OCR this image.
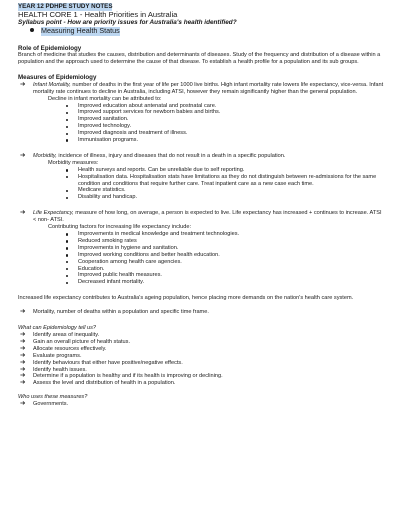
YEAR 12 PDHPE STUDY NOTES
HEALTH CORE 1 - Health Priorities in Australia
Syllabus point - How are priority issues for Australia's health identified?
Measuring Health Status
Role of Epidemiology
Branch of medicine that studies the causes, distribution and determinants of diseases. Study of the frequency and distribution of a disease within a population and the approach used to determine the cause of that disease. To establish a health profile for a population and its sub groups.
Measures of Epidemiology
➔ Infant Mortality, number of deaths in the first year of life per 1000 live births. High infant mortality rate lowers life expectancy, vice-versa. Infant mortality rate continues to decline in Australia, including ATSI, however they remain significantly higher than the general population.
Decline in infant mortality can be attributed to:
Improved education about antenatal and postnatal care.
Improved support services for newborn babies and births.
Improved sanitation.
Improved technology.
Improved diagnosis and treatment of illness.
Immunisation programs.
➔ Morbidity, incidence of illness, injury and diseases that do not result in a death in a specific population.
Morbidity measures:
Health surveys and reports. Can be unreliable due to self reporting.
Hospitalisation data. Hospitalisation stats have limitations as they do not distinguish between re-admissions for the same condition and conditions that require further care. Treat inpatient care as a new case each time.
Medicare statistics.
Disability and handicap.
➔ Life Expectancy, measure of how long, on average, a person is expected to live. Life expectancy has increased + continues to increase. ATSI < non- ATSI.
Contributing factors for increasing life expectancy include:
Improvements in medical knowledge and treatment technologies.
Reduced smoking rates
Improvements in hygiene and sanitation.
Improved working conditions and better health education.
Cooperation among health care agencies.
Education.
Improved public health measures.
Decreased infant mortality.
Increased life expectancy contributes to Australia's ageing population, hence placing more demands on the nation's health care system.
➔ Mortality, number of deaths within a population and specific time frame.
What can Epidemiology tell us?
➔ Identify areas of inequality.
➔ Gain an overall picture of health status.
➔ Allocate resources effectively.
➔ Evaluate programs.
➔ Identify behaviours that either have positive/negative effects.
➔ Identify health issues.
➔ Determine if a population is healthy and if its health is improving or declining.
➔ Assess the level and distribution of health in a population.
Who uses these measures?
➔ Governments.
